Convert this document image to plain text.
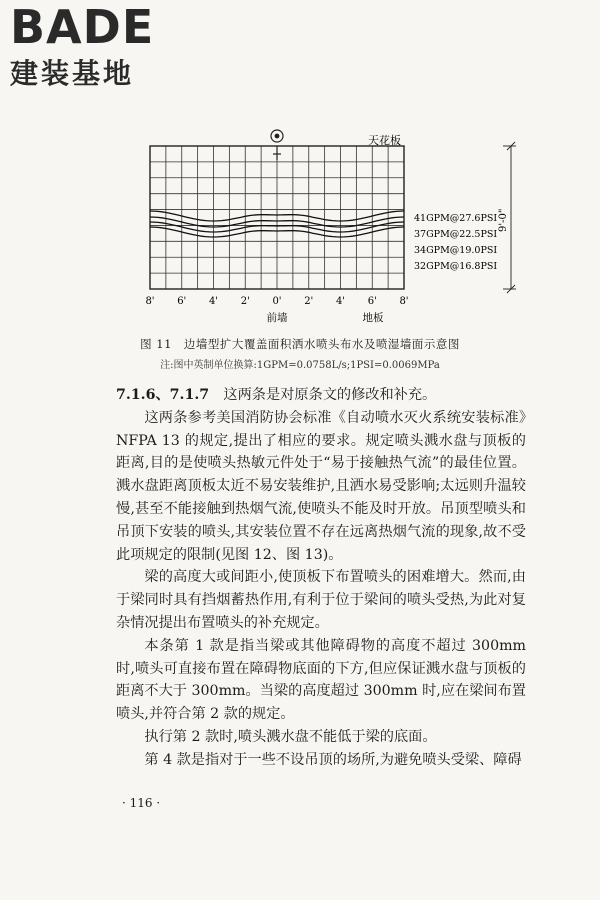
BADE
建装基地
天花板
41GPM@27.6PSI
37GPM@22.5PSI
34GPM@19.0PSI
32GPM@16.8PSI
9'-0"
8' 6' 4' 2' 0' 2' 4' 6' 8'
前墙	地板
图 11　边墙型扩大覆盖面积洒水喷头布水及喷湿墙面示意图
注:图中英制单位换算:1GPM=0.0758L/s;1PSI=0.0069MPa

7.1.6、7.1.7　 这两条是对原条文的修改和补充。

这两条参考美国消防协会标准《自动喷水灭火系统安装标准》NFPA 13 的规定,提出了相应的要求。规定喷头溅水盘与顶板的距离,目的是使喷头热敏元件处于“易于接触热气流”的最佳位置。溅水盘距离顶板太近不易安装维护,且洒水易受影响;太远则升温较慢,甚至不能接触到热烟气流,使喷头不能及时开放。吊顶型喷头和吊顶下安装的喷头,其安装位置不存在远离热烟气流的现象,故不受此项规定的限制(见图 12、图 13)。

梁的高度大或间距小,使顶板下布置喷头的困难增大。然而,由于梁同时具有挡烟蓄热作用,有利于位于梁间的喷头受热,为此对复杂情况提出布置喷头的补充规定。

本条第 1 款是指当梁或其他障碍物的高度不超过 300mm 时,喷头可直接布置在障碍物底面的下方,但应保证溅水盘与顶板的距离不大于 300mm。当梁的高度超过 300mm 时,应在梁间布置喷头,并符合第 2 款的规定。

执行第 2 款时,喷头溅水盘不能低于梁的底面。

第 4 款是指对于一些不设吊顶的场所,为避免喷头受梁、障碍

· 116 ·
